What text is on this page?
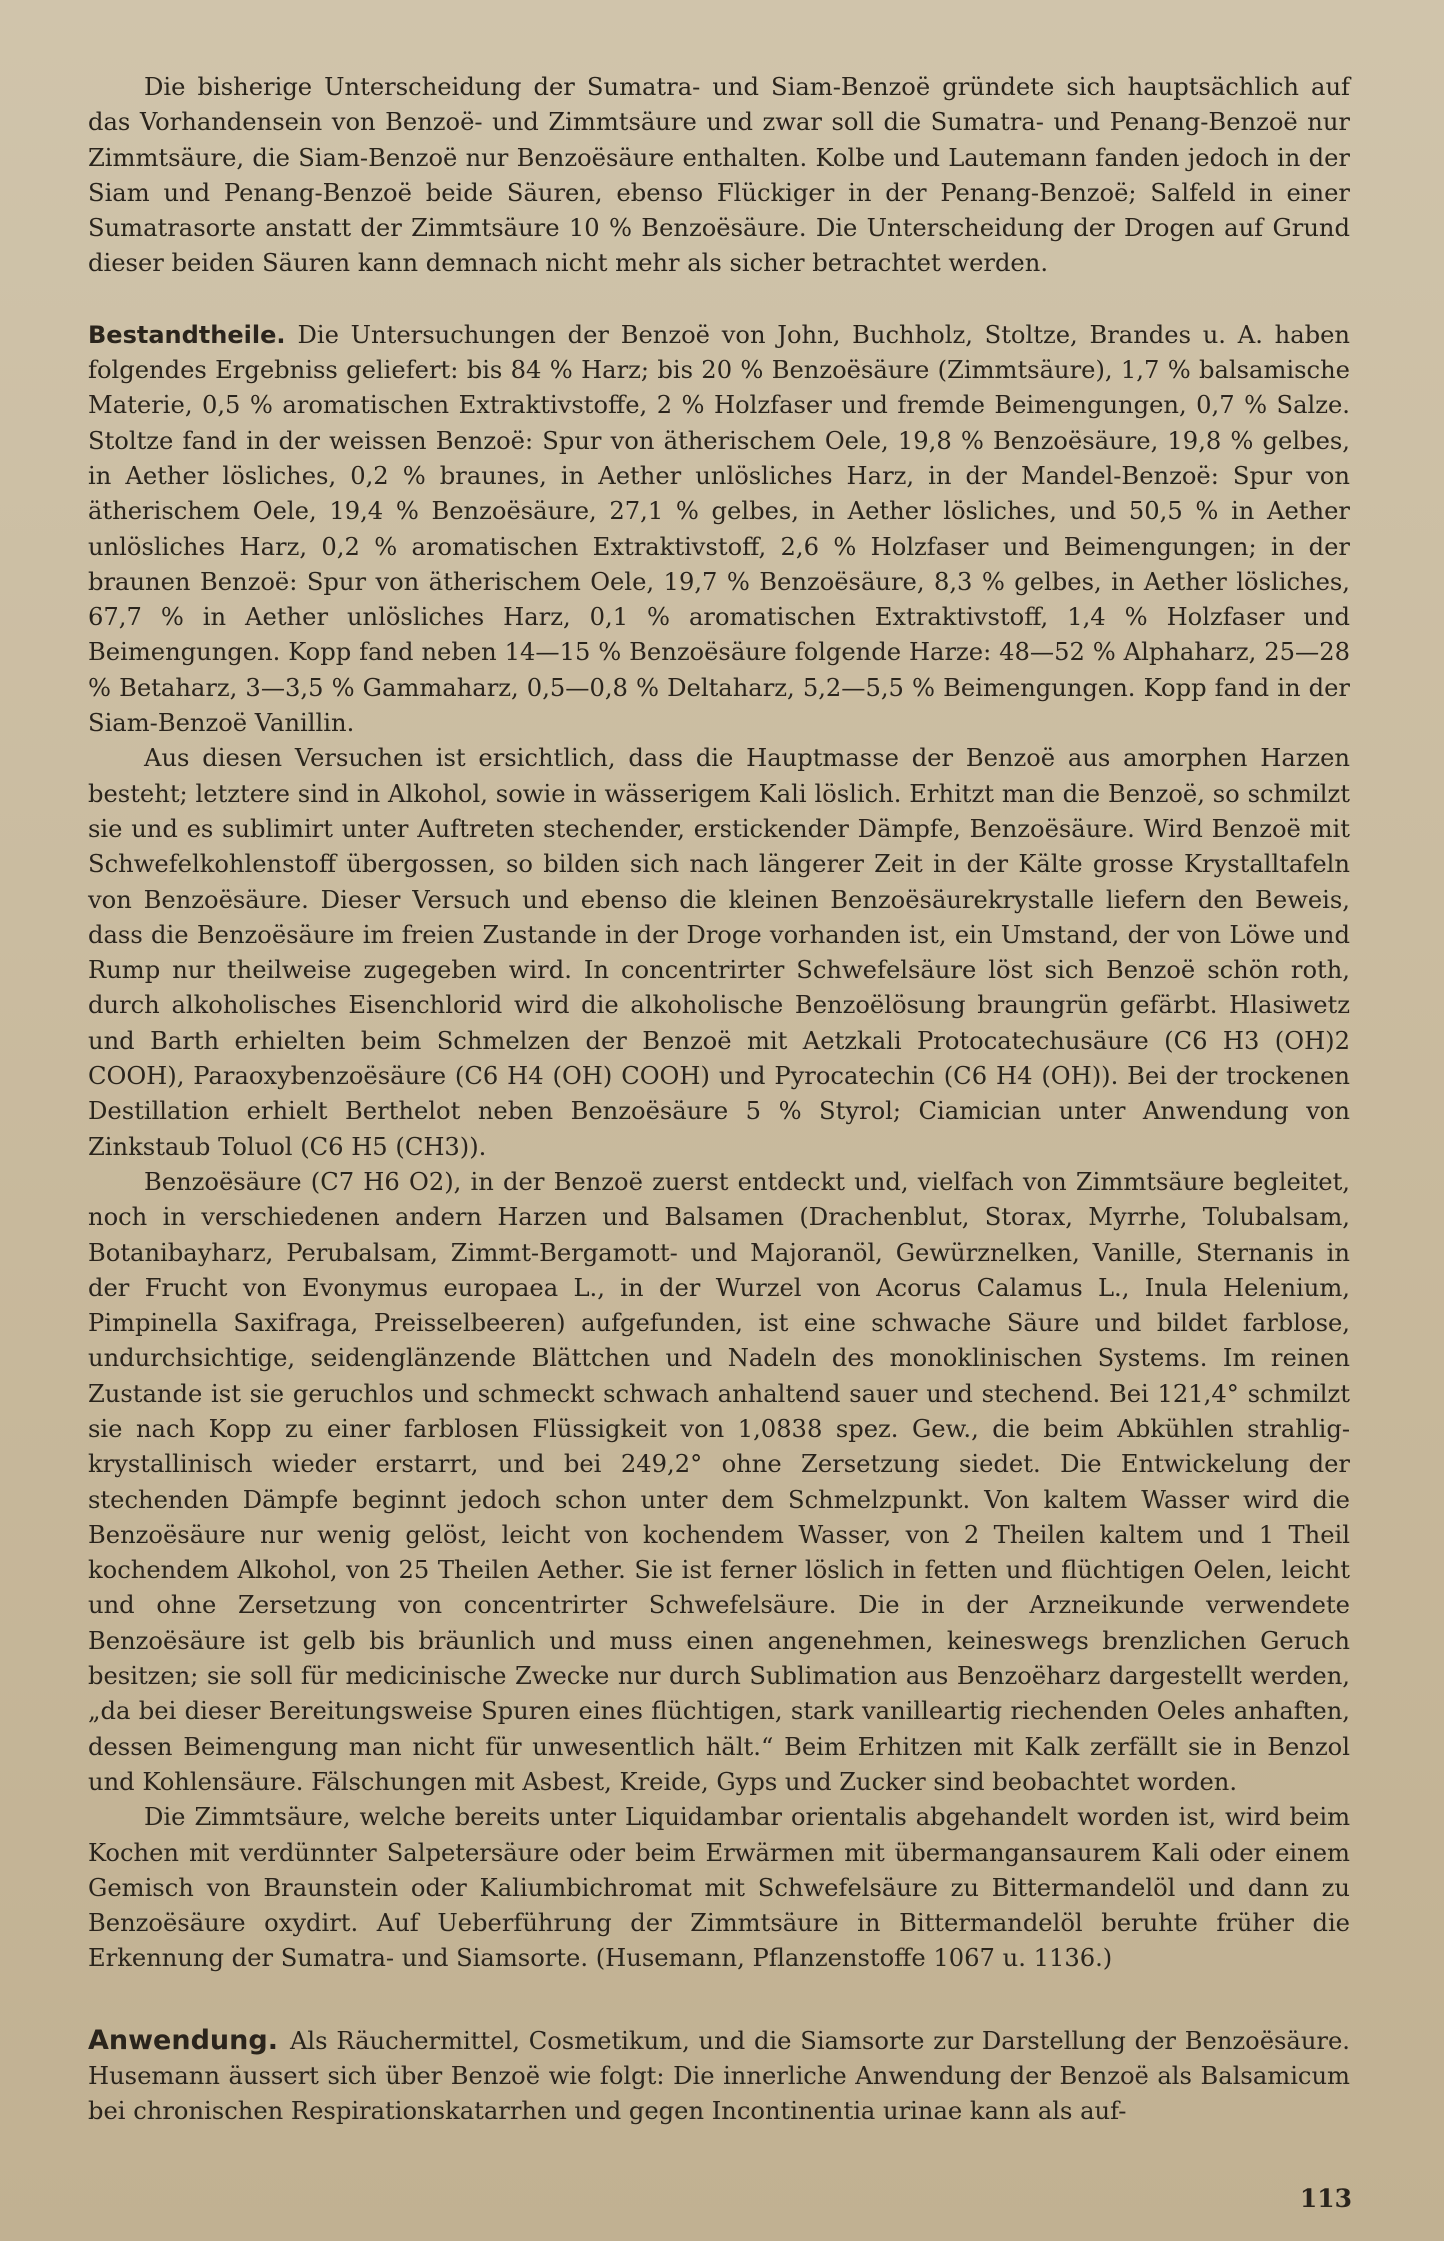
Die bisherige Unterscheidung der Sumatra- und Siam-Benzoë gründete sich hauptsächlich auf das Vorhandensein von Benzoë- und Zimmtsäure und zwar soll die Sumatra- und Penang-Benzoë nur Zimmtsäure, die Siam-Benzoë nur Benzoësäure enthalten. Kolbe und Lautemann fanden jedoch in der Siam und Penang-Benzoë beide Säuren, ebenso Flückiger in der Penang-Benzoë; Salfeld in einer Sumatrasorte anstatt der Zimmtsäure 10 % Benzoësäure. Die Unterscheidung der Drogen auf Grund dieser beiden Säuren kann demnach nicht mehr als sicher betrachtet werden.

Bestandtheile. Die Untersuchungen der Benzoë von John, Buchholz, Stoltze, Brandes u. A. haben folgendes Ergebniss geliefert: bis 84 % Harz; bis 20 % Benzoësäure (Zimmtsäure), 1,7 % balsamische Materie, 0,5 % aromatischen Extraktivstoffe, 2 % Holzfaser und fremde Beimengungen, 0,7 % Salze. Stoltze fand in der weissen Benzoë: Spur von ätherischem Oele, 19,8 % Benzoësäure, 19,8 % gelbes, in Aether lösliches, 0,2 % braunes, in Aether unlösliches Harz, in der Mandel-Benzoë: Spur von ätherischem Oele, 19,4 % Benzoësäure, 27,1 % gelbes, in Aether lösliches, und 50,5 % in Aether unlösliches Harz, 0,2 % aromatischen Extraktivstoff, 2,6 % Holzfaser und Beimengungen; in der braunen Benzoë: Spur von ätherischem Oele, 19,7 % Benzoësäure, 8,3 % gelbes, in Aether lösliches, 67,7 % in Aether unlösliches Harz, 0,1 % aromatischen Extraktivstoff, 1,4 % Holzfaser und Beimengungen. Kopp fand neben 14—15 % Benzoësäure folgende Harze: 48—52 % Alphaharz, 25—28 % Betaharz, 3—3,5 % Gammaharz, 0,5—0,8 % Deltaharz, 5,2—5,5 % Beimengungen. Kopp fand in der Siam-Benzoë Vanillin.

Aus diesen Versuchen ist ersichtlich, dass die Hauptmasse der Benzoë aus amorphen Harzen besteht; letztere sind in Alkohol, sowie in wässerigem Kali löslich. Erhitzt man die Benzoë, so schmilzt sie und es sublimirt unter Auftreten stechender, erstickender Dämpfe, Benzoësäure. Wird Benzoë mit Schwefelkohlenstoff übergossen, so bilden sich nach längerer Zeit in der Kälte grosse Krystalltafeln von Benzoësäure. Dieser Versuch und ebenso die kleinen Benzoësäurekrystalle liefern den Beweis, dass die Benzoësäure im freien Zustande in der Droge vorhanden ist, ein Umstand, der von Löwe und Rump nur theilweise zugegeben wird. In concentrirter Schwefelsäure löst sich Benzoë schön roth, durch alkoholisches Eisenchlorid wird die alkoholische Benzoëlösung braungrün gefärbt. Hlasiwetz und Barth erhielten beim Schmelzen der Benzoë mit Aetzkali Protocatechusäure (C6 H3 (OH)2 COOH), Paraoxybenzoësäure (C6 H4 (OH) COOH) und Pyrocatechin (C6 H4 (OH)). Bei der trockenen Destillation erhielt Berthelot neben Benzoësäure 5 % Styrol; Ciamician unter Anwendung von Zinkstaub Toluol (C6 H5 (CH3)).

Benzoësäure (C7 H6 O2), in der Benzoë zuerst entdeckt und, vielfach von Zimmtsäure begleitet, noch in verschiedenen andern Harzen und Balsamen (Drachenblut, Storax, Myrrhe, Tolubalsam, Botanibayharz, Perubalsam, Zimmt-Bergamott- und Majoranöl, Gewürznelken, Vanille, Sternanis in der Frucht von Evonymus europaea L., in der Wurzel von Acorus Calamus L., Inula Helenium, Pimpinella Saxifraga, Preisselbeeren) aufgefunden, ist eine schwache Säure und bildet farblose, undurchsichtige, seidenglänzende Blättchen und Nadeln des monoklinischen Systems. Im reinen Zustande ist sie geruchlos und schmeckt schwach anhaltend sauer und stechend. Bei 121,4° schmilzt sie nach Kopp zu einer farblosen Flüssigkeit von 1,0838 spez. Gew., die beim Abkühlen strahlig-krystallinisch wieder erstarrt, und bei 249,2° ohne Zersetzung siedet. Die Entwickelung der stechenden Dämpfe beginnt jedoch schon unter dem Schmelzpunkt. Von kaltem Wasser wird die Benzoësäure nur wenig gelöst, leicht von kochendem Wasser, von 2 Theilen kaltem und 1 Theil kochendem Alkohol, von 25 Theilen Aether. Sie ist ferner löslich in fetten und flüchtigen Oelen, leicht und ohne Zersetzung von concentrirter Schwefelsäure. Die in der Arzneikunde verwendete Benzoësäure ist gelb bis bräunlich und muss einen angenehmen, keineswegs brenzlichen Geruch besitzen; sie soll für medicinische Zwecke nur durch Sublimation aus Benzoëharz dargestellt werden, „da bei dieser Bereitungsweise Spuren eines flüchtigen, stark vanilleartig riechenden Oeles anhaften, dessen Beimengung man nicht für unwesentlich hält.“ Beim Erhitzen mit Kalk zerfällt sie in Benzol und Kohlensäure. Fälschungen mit Asbest, Kreide, Gyps und Zucker sind beobachtet worden.

Die Zimmtsäure, welche bereits unter Liquidambar orientalis abgehandelt worden ist, wird beim Kochen mit verdünnter Salpetersäure oder beim Erwärmen mit übermangansaurem Kali oder einem Gemisch von Braunstein oder Kaliumbichromat mit Schwefelsäure zu Bittermandelöl und dann zu Benzoësäure oxydirt. Auf Ueberführung der Zimmtsäure in Bittermandelöl beruhte früher die Erkennung der Sumatra- und Siamsorte. (Husemann, Pflanzenstoffe 1067 u. 1136.)

Anwendung. Als Räuchermittel, Cosmetikum, und die Siamsorte zur Darstellung der Benzoësäure. Husemann äussert sich über Benzoë wie folgt: Die innerliche Anwendung der Benzoë als Balsamicum bei chronischen Respirationskatarrhen und gegen Incontinentia urinae kann als auf-

113
